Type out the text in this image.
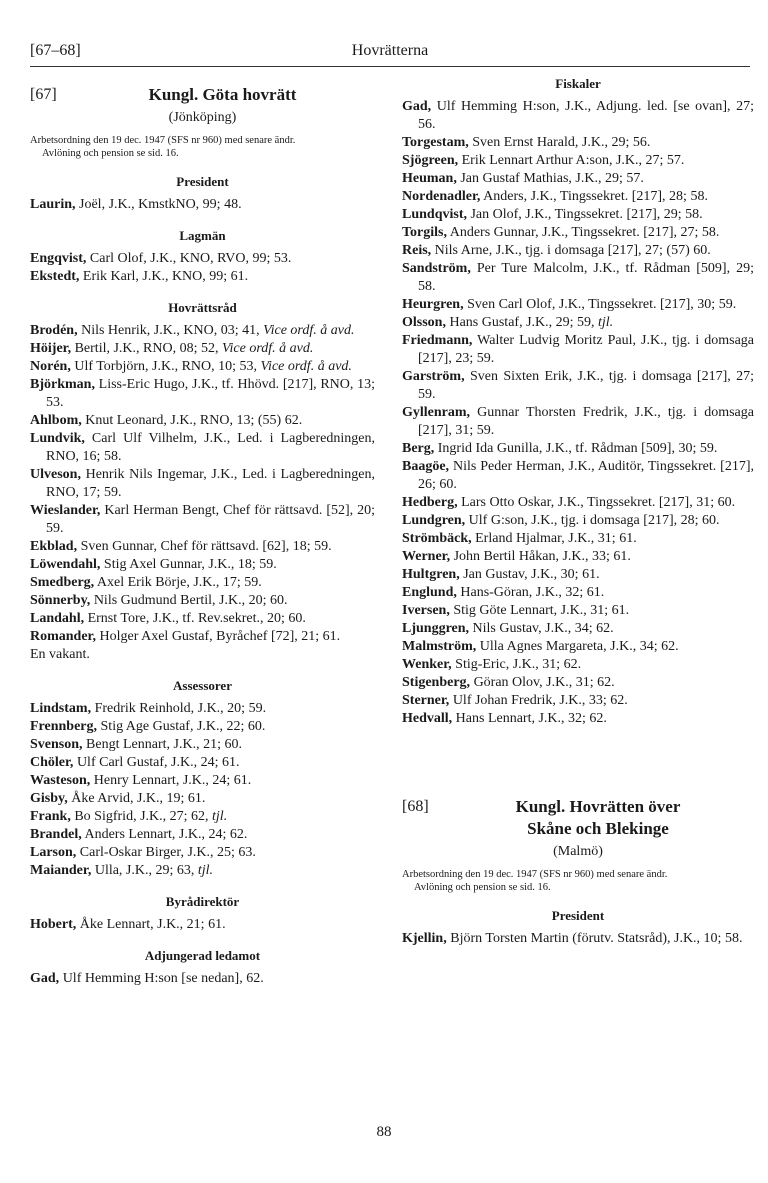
[67–68]	Hovrätterna
[67]	Kungl. Göta hovrätt
(Jönköping)
Arbetsordning den 19 dec. 1947 (SFS nr 960) med senare ändr.
Avlöning och pension se sid. 16.
President
Laurin, Joël, J.K., KmstkNO, 99; 48.
Lagmän
Engqvist, Carl Olof, J.K., KNO, RVO, 99; 53.
Ekstedt, Erik Karl, J.K., KNO, 99; 61.
Hovrättsråd
Brodén, Nils Henrik, J.K., KNO, 03; 41, Vice ordf. å avd.
Höijer, Bertil, J.K., RNO, 08; 52, Vice ordf. å avd.
Norén, Ulf Torbjörn, J.K., RNO, 10; 53, Vice ordf. å avd.
Björkman, Liss-Eric Hugo, J.K., tf. Hhövd. [217], RNO, 13; 53.
Ahlbom, Knut Leonard, J.K., RNO, 13; (55) 62.
Lundvik, Carl Ulf Vilhelm, J.K., Led. i Lagberedningen, RNO, 16; 58.
Ulveson, Henrik Nils Ingemar, J.K., Led. i Lagberedningen, RNO, 17; 59.
Wieslander, Karl Herman Bengt, Chef för rättsavd. [52], 20; 59.
Ekblad, Sven Gunnar, Chef för rättsavd. [62], 18; 59.
Löwendahl, Stig Axel Gunnar, J.K., 18; 59.
Smedberg, Axel Erik Börje, J.K., 17; 59.
Sönnerby, Nils Gudmund Bertil, J.K., 20; 60.
Landahl, Ernst Tore, J.K., tf. Rev.sekret., 20; 60.
Romander, Holger Axel Gustaf, Byråchef [72], 21; 61.
En vakant.
Assessorer
Lindstam, Fredrik Reinhold, J.K., 20; 59.
Frennberg, Stig Age Gustaf, J.K., 22; 60.
Svenson, Bengt Lennart, J.K., 21; 60.
Chöler, Ulf Carl Gustaf, J.K., 24; 61.
Wasteson, Henry Lennart, J.K., 24; 61.
Gisby, Åke Arvid, J.K., 19; 61.
Frank, Bo Sigfrid, J.K., 27; 62, tjl.
Brandel, Anders Lennart, J.K., 24; 62.
Larson, Carl-Oskar Birger, J.K., 25; 63.
Maiander, Ulla, J.K., 29; 63, tjl.
Byrådirektör
Hobert, Åke Lennart, J.K., 21; 61.
Adjungerad ledamot
Gad, Ulf Hemming H:son [se nedan], 62.
Fiskaler
Gad, Ulf Hemming H:son, J.K., Adjung. led. [se ovan], 27; 56.
Torgestam, Sven Ernst Harald, J.K., 29; 56.
Sjögreen, Erik Lennart Arthur A:son, J.K., 27; 57.
Heuman, Jan Gustaf Mathias, J.K., 29; 57.
Nordenadler, Anders, J.K., Tingssekret. [217], 28; 58.
Lundqvist, Jan Olof, J.K., Tingssekret. [217], 29; 58.
Torgils, Anders Gunnar, J.K., Tingssekret. [217], 27; 58.
Reis, Nils Arne, J.K., tjg. i domsaga [217], 27; (57) 60.
Sandström, Per Ture Malcolm, J.K., tf. Rådman [509], 29; 58.
Heurgren, Sven Carl Olof, J.K., Tingssekret. [217], 30; 59.
Olsson, Hans Gustaf, J.K., 29; 59, tjl.
Friedmann, Walter Ludvig Moritz Paul, J.K., tjg. i domsaga [217], 23; 59.
Garström, Sven Sixten Erik, J.K., tjg. i domsaga [217], 27; 59.
Gyllenram, Gunnar Thorsten Fredrik, J.K., tjg. i domsaga [217], 31; 59.
Berg, Ingrid Ida Gunilla, J.K., tf. Rådman [509], 30; 59.
Baagöe, Nils Peder Herman, J.K., Auditör, Tingssekret. [217], 26; 60.
Hedberg, Lars Otto Oskar, J.K., Tingssekret. [217], 31; 60.
Lundgren, Ulf G:son, J.K., tjg. i domsaga [217], 28; 60.
Strömbäck, Erland Hjalmar, J.K., 31; 61.
Werner, John Bertil Håkan, J.K., 33; 61.
Hultgren, Jan Gustav, J.K., 30; 61.
Englund, Hans-Göran, J.K., 32; 61.
Iversen, Stig Göte Lennart, J.K., 31; 61.
Ljunggren, Nils Gustav, J.K., 34; 62.
Malmström, Ulla Agnes Margareta, J.K., 34; 62.
Wenker, Stig-Eric, J.K., 31; 62.
Stigenberg, Göran Olov, J.K., 31; 62.
Sterner, Ulf Johan Fredrik, J.K., 33; 62.
Hedvall, Hans Lennart, J.K., 32; 62.
[68]	Kungl. Hovrätten över
Skåne och Blekinge
(Malmö)
Arbetsordning den 19 dec. 1947 (SFS nr 960) med senare ändr.
Avlöning och pension se sid. 16.
President
Kjellin, Björn Torsten Martin (förutv. Statsråd), J.K., 10; 58.
88
